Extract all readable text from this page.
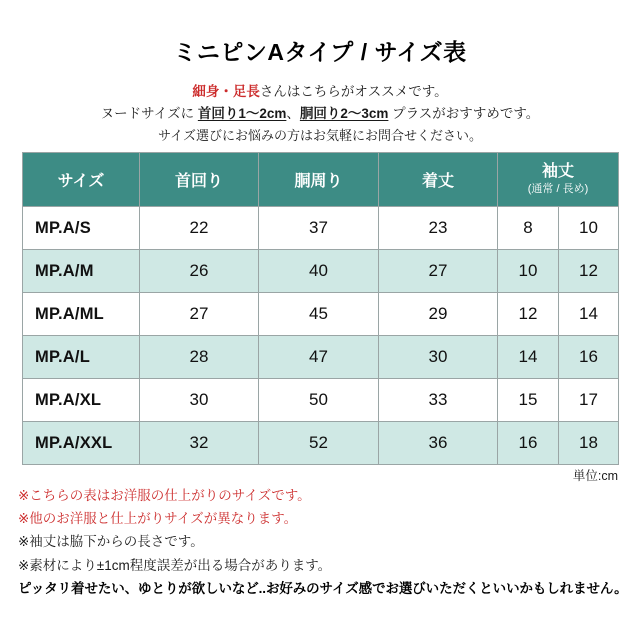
ミニピンAタイプ / サイズ表

細身・足長さんはこちらがオススメです。

ヌードサイズに 首回り1〜2cm、胴回り2〜3cm プラスがおすすめです。

サイズ選びにお悩みの方はお気軽にお問合せください。

サイズ	首回り	胴周り	着丈	袖丈
(通常 / 長め)	

MP.A/S	22	37	23	8	10
MP.A/M	26	40	27	10	12
MP.A/ML	27	45	29	12	14
MP.A/L	28	47	30	14	16
MP.A/XL	30	50	33	15	17
MP.A/XXL	32	52	36	16	18
単位:cm

※こちらの表はお洋服の仕上がりのサイズです。

※他のお洋服と仕上がりサイズが異なります。

※袖丈は脇下からの長さです。

※素材により±1cm程度誤差が出る場合があります。

ピッタリ着せたい、ゆとりが欲しいなど..お好みのサイズ感でお選びいただくといいかもしれません。
